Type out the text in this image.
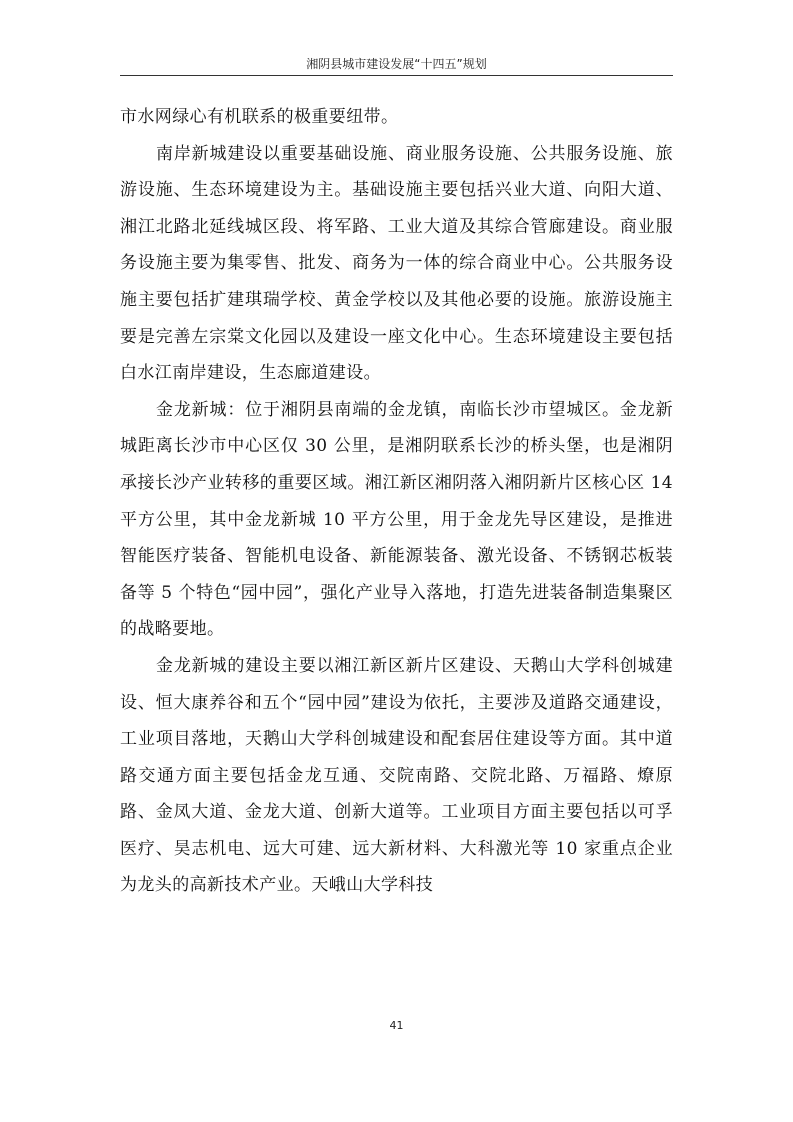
湘阴县城市建设发展“十四五”规划

市水网绿心有机联系的极重要纽带。

南岸新城建设以重要基础设施、商业服务设施、公共服务设施、旅游设施、生态环境建设为主。基础设施主要包括兴业大道、向阳大道、湘江北路北延线城区段、将军路、工业大道及其综合管廊建设。商业服务设施主要为集零售、批发、商务为一体的综合商业中心。公共服务设施主要包括扩建琪瑞学校、黄金学校以及其他必要的设施。旅游设施主要是完善左宗棠文化园以及建设一座文化中心。生态环境建设主要包括白水江南岸建设，生态廊道建设。

金龙新城：位于湘阴县南端的金龙镇，南临长沙市望城区。金龙新城距离长沙市中心区仅 30 公里，是湘阴联系长沙的桥头堡，也是湘阴承接长沙产业转移的重要区域。湘江新区湘阴落入湘阴新片区核心区 14 平方公里，其中金龙新城 10 平方公里，用于金龙先导区建设，是推进智能医疗装备、智能机电设备、新能源装备、激光设备、不锈钢芯板装备等 5 个特色“园中园”，强化产业导入落地，打造先进装备制造集聚区的战略要地。

金龙新城的建设主要以湘江新区新片区建设、天鹅山大学科创城建设、恒大康养谷和五个“园中园”建设为依托，主要涉及道路交通建设，工业项目落地，天鹅山大学科创城建设和配套居住建设等方面。其中道路交通方面主要包括金龙互通、交院南路、交院北路、万福路、燎原路、金凤大道、金龙大道、创新大道等。工业项目方面主要包括以可孚医疗、昊志机电、远大可建、远大新材料、大科激光等 10 家重点企业为龙头的高新技术产业。天峨山大学科技

41
